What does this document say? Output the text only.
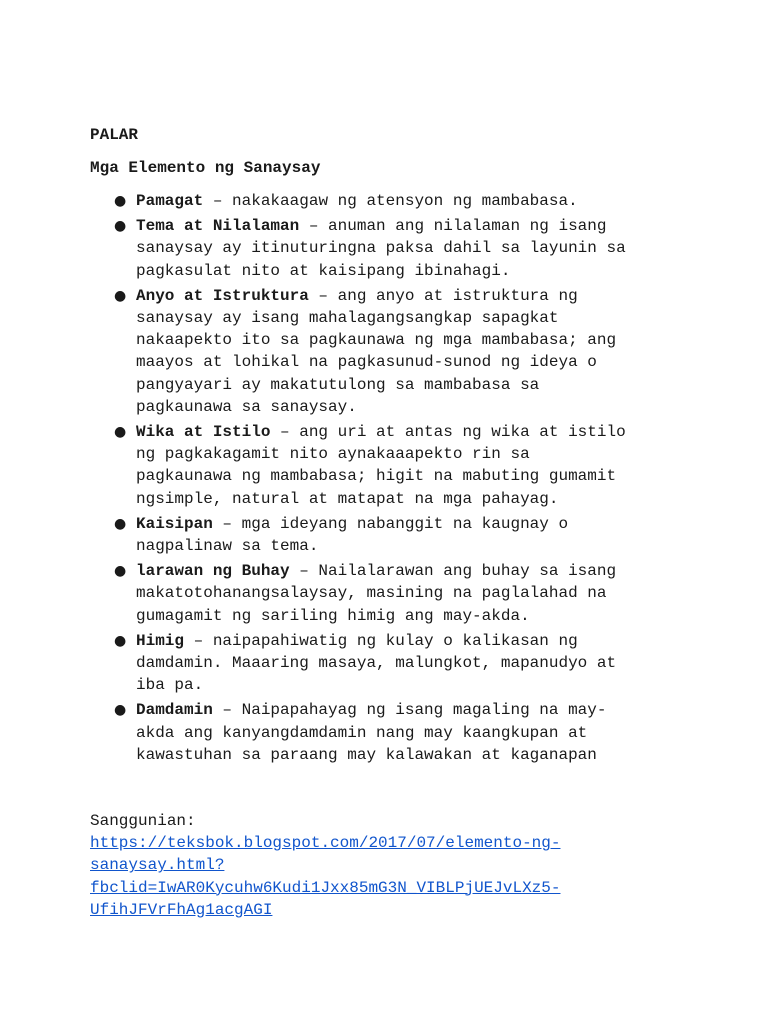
PALAR

Mga Elemento ng Sanaysay

● Pamagat – nakakaagaw ng atensyon ng mambabasa.
● Tema at Nilalaman – anuman ang nilalaman ng isang
sanaysay ay itinuturingna paksa dahil sa layunin sa
pagkasulat nito at kaisipang ibinahagi.
● Anyo at Istruktura – ang anyo at istruktura ng
sanaysay ay isang mahalagangsangkap sapagkat
nakaapekto ito sa pagkaunawa ng mga mambabasa; ang
maayos at lohikal na pagkasunud-sunod ng ideya o
pangyayari ay makatutulong sa mambabasa sa
pagkaunawa sa sanaysay.
● Wika at Istilo – ang uri at antas ng wika at istilo
ng pagkakagamit nito aynakaaapekto rin sa
pagkaunawa ng mambabasa; higit na mabuting gumamit
ngsimple, natural at matapat na mga pahayag.
● Kaisipan – mga ideyang nabanggit na kaugnay o
nagpalinaw sa tema.
● larawan ng Buhay – Nailalarawan ang buhay sa isang
makatotohanangsalaysay, masining na paglalahad na
gumagamit ng sariling himig ang may-akda.
● Himig – naipapahiwatig ng kulay o kalikasan ng
damdamin. Maaaring masaya, malungkot, mapanudyo at
iba pa.
● Damdamin – Naipapahayag ng isang magaling na may-
akda ang kanyangdamdamin nang may kaangkupan at
kawastuhan sa paraang may kalawakan at kaganapan
Sanggunian:
https://teksbok.blogspot.com/2017/07/elemento-ng-
sanaysay.html?
fbclid=IwAR0Kycuhw6Kudi1Jxx85mG3N_VIBLPjUEJvLXz5-
UfihJFVrFhAg1acgAGI
